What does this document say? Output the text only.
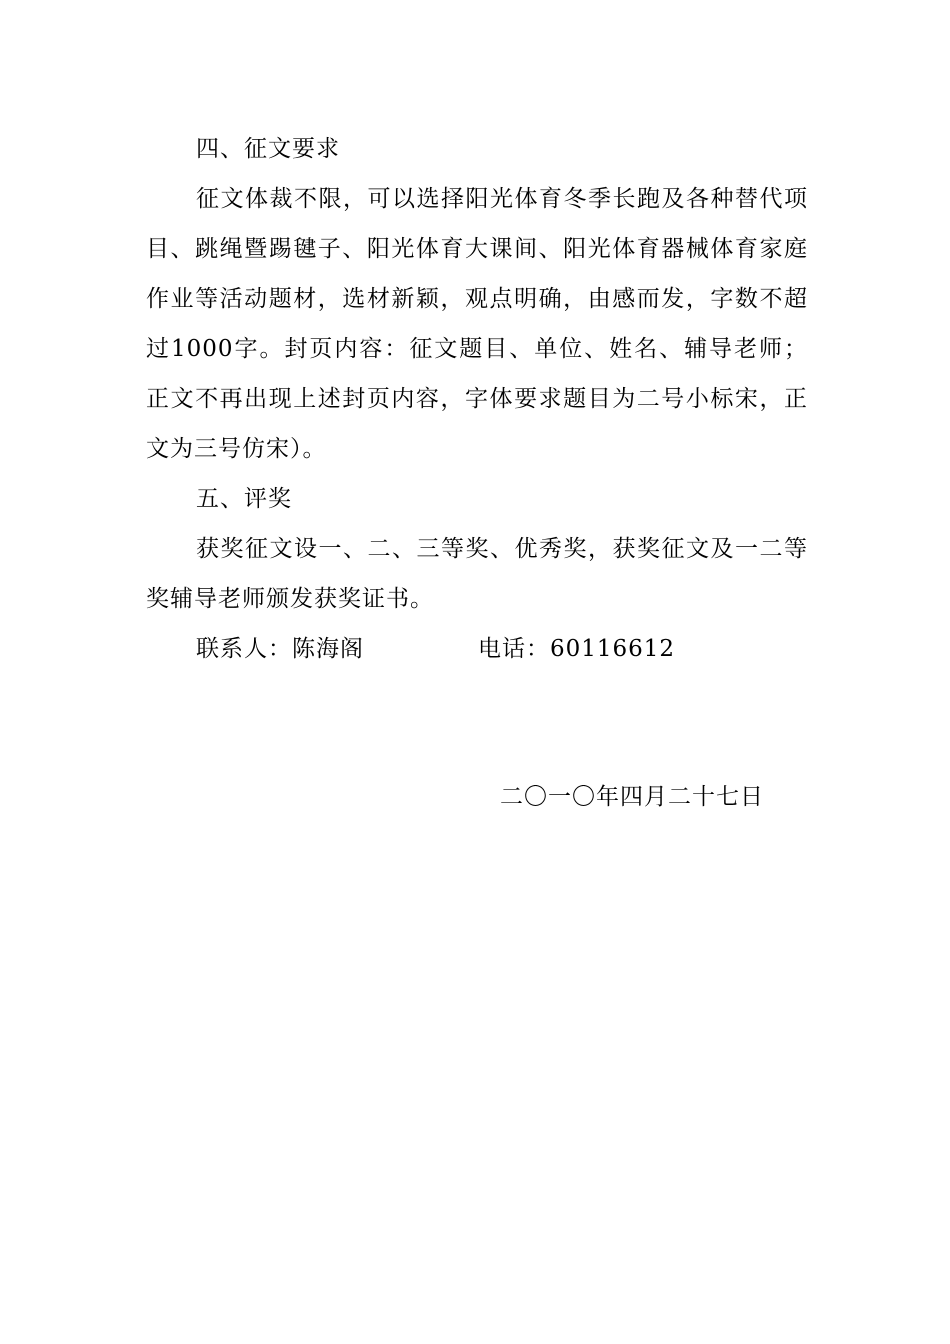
四、征文要求

征文体裁不限，可以选择阳光体育冬季长跑及各种替代项目、跳绳暨踢毽子、阳光体育大课间、阳光体育器械体育家庭作业等活动题材，选材新颖，观点明确，由感而发，字数不超过1000字。封页内容：征文题目、单位、姓名、辅导老师；正文不再出现上述封页内容，字体要求题目为二号小标宋，正文为三号仿宋）。

五、评奖

获奖征文设一、二、三等奖、优秀奖，获奖征文及一二等奖辅导老师颁发获奖证书。

联系人：陈海阁	电话：60116612

二〇一〇年四月二十七日
